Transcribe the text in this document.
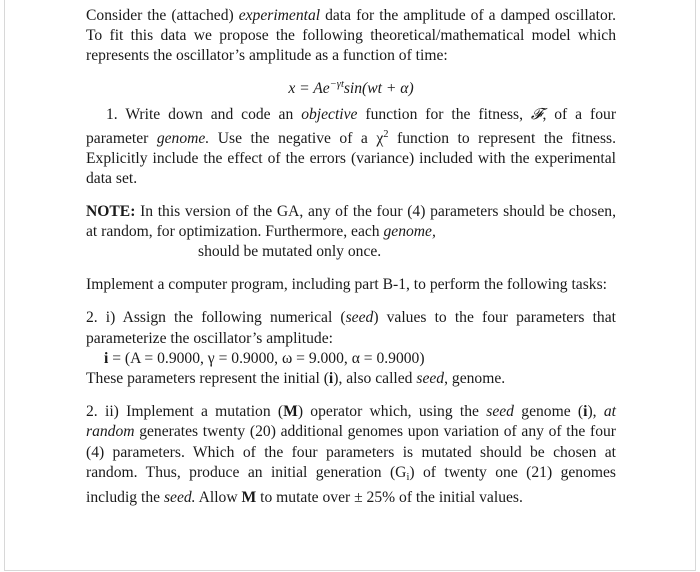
Consider the (attached) experimental data for the amplitude of a damped oscillator. To fit this data we propose the following theoretical/mathematical model which represents the oscillator’s amplitude as a function of time:

$x = Ae^{-\gamma t}\sin(wt + \alpha)$

1. Write down and code an objective function for the fitness, 𝓕, of a four parameter genome. Use the negative of a $\chi^2$ function to represent the fitness. Explicitly include the effect of the errors (variance) included with the experimental data set.

NOTE: In this version of the GA, any of the four (4) parameters should be chosen, at random, for optimization. Furthermore, each genome,

should be mutated only once.

Implement a computer program, including part B-1, to perform the following tasks:

2. i) Assign the following numerical (seed) values to the four parameters that parameterize the oscillator’s amplitude:

i = (A = 0.9000, γ = 0.9000, ω = 9.000, α = 0.9000)

These parameters represent the initial (i), also called seed, genome.

2. ii) Implement a mutation (M) operator which, using the seed genome (i), at random generates twenty (20) additional genomes upon variation of any of the four (4) parameters. Which of the four parameters is mutated should be chosen at random. Thus, produce an initial generation $(G_i)$ of twenty one (21) genomes includig the seed. Allow M to mutate over ± 25% of the initial values.
